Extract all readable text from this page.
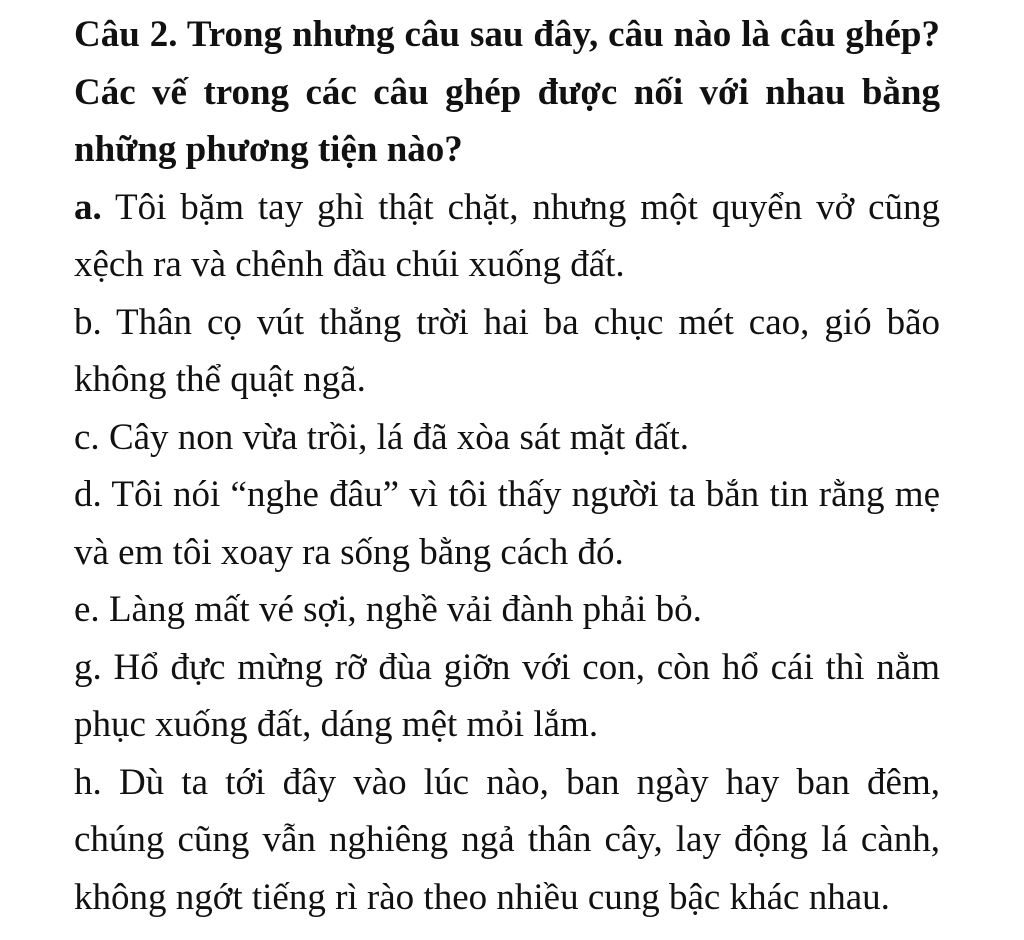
Câu 2. Trong nhưng câu sau đây, câu nào là câu ghép? Các vế trong các câu ghép được nối với nhau bằng những phương tiện nào?

a. Tôi bặm tay ghì thật chặt, nhưng một quyển vở cũng xệch ra và chênh đầu chúi xuống đất.

b. Thân cọ vút thẳng trời hai ba chục mét cao, gió bão không thể quật ngã.

c. Cây non vừa trồi, lá đã xòa sát mặt đất.

d. Tôi nói “nghe đâu” vì tôi thấy người ta bắn tin rằng mẹ và em tôi xoay ra sống bằng cách đó.

e. Làng mất vé sợi, nghề vải đành phải bỏ.

g. Hổ đực mừng rỡ đùa giỡn với con, còn hổ cái thì nằm phục xuống đất, dáng mệt mỏi lắm.

h. Dù ta tới đây vào lúc nào, ban ngày hay ban đêm, chúng cũng vẫn nghiêng ngả thân cây, lay động lá cành, không ngớt tiếng rì rào theo nhiều cung bậc khác nhau.
